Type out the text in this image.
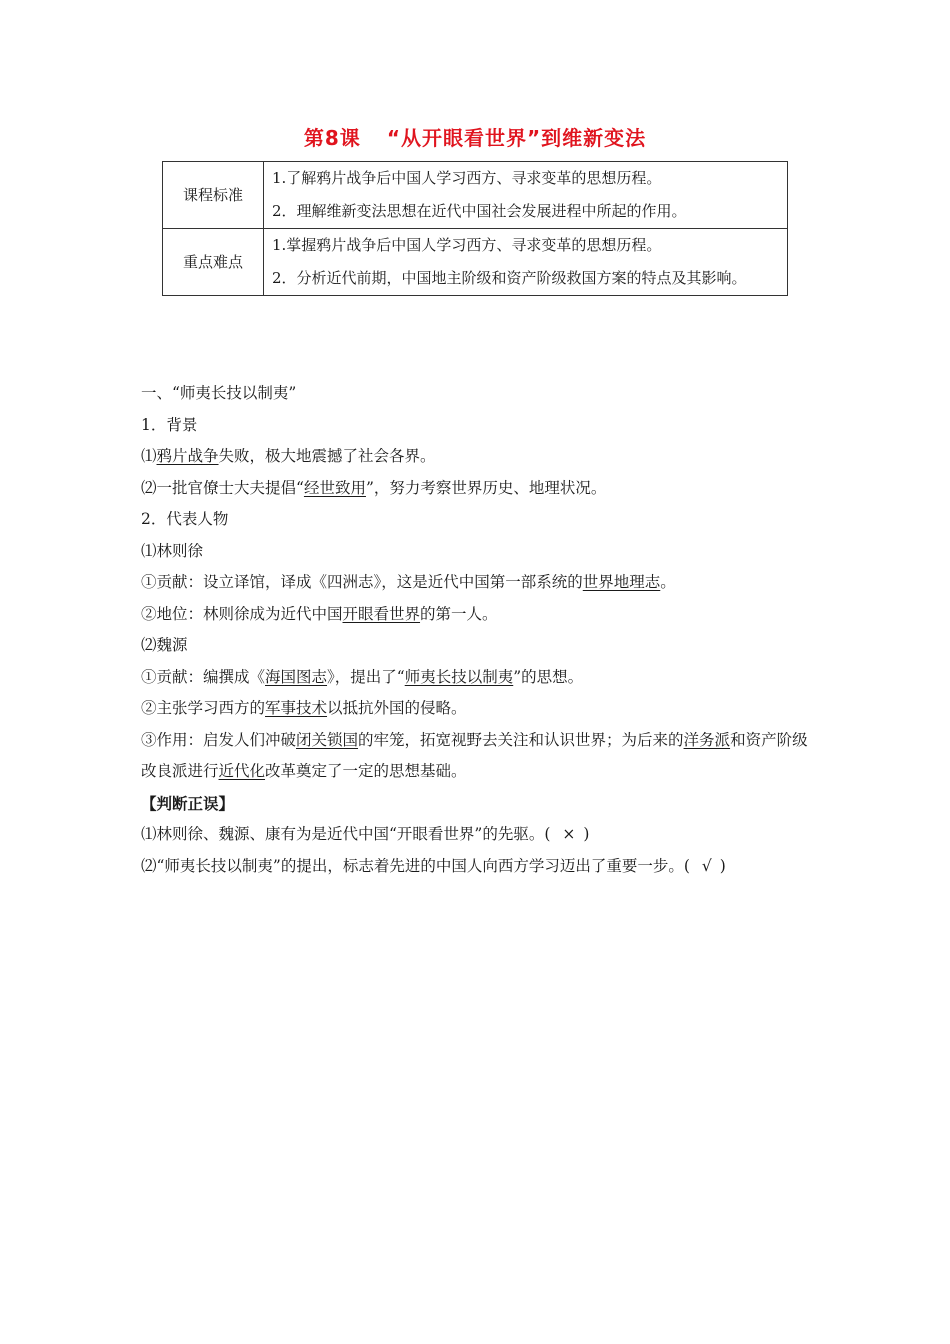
第8课 “从开眼看世界”到维新变法
课程标准	1.了解鸦片战争后中国人学习西方、寻求变革的思想历程。
2．理解维新变法思想在近代中国社会发展进程中所起的作用。

重点难点	1.掌握鸦片战争后中国人学习西方、寻求变革的思想历程。
2．分析近代前期，中国地主阶级和资产阶级救国方案的特点及其影响。
一、“师夷长技以制夷”
1．背景
⑴鸦片战争失败，极大地震撼了社会各界。
⑵一批官僚士大夫提倡“经世致用”，努力考察世界历史、地理状况。
2．代表人物
⑴林则徐
①贡献：设立译馆，译成《四洲志》，这是近代中国第一部系统的世界地理志。
②地位：林则徐成为近代中国开眼看世界的第一人。
⑵魏源
①贡献：编撰成《海国图志》，提出了“师夷长技以制夷”的思想。
②主张学习西方的军事技术以抵抗外国的侵略。
③作用：启发人们冲破闭关锁国的牢笼，拓宽视野去关注和认识世界；为后来的洋务派和资产阶级改良派进行近代化改革奠定了一定的思想基础。
【判断正误】
⑴林则徐、魏源、康有为是近代中国“开眼看世界”的先驱。( × )
⑵“师夷长技以制夷”的提出，标志着先进的中国人向西方学习迈出了重要一步。( √ )
